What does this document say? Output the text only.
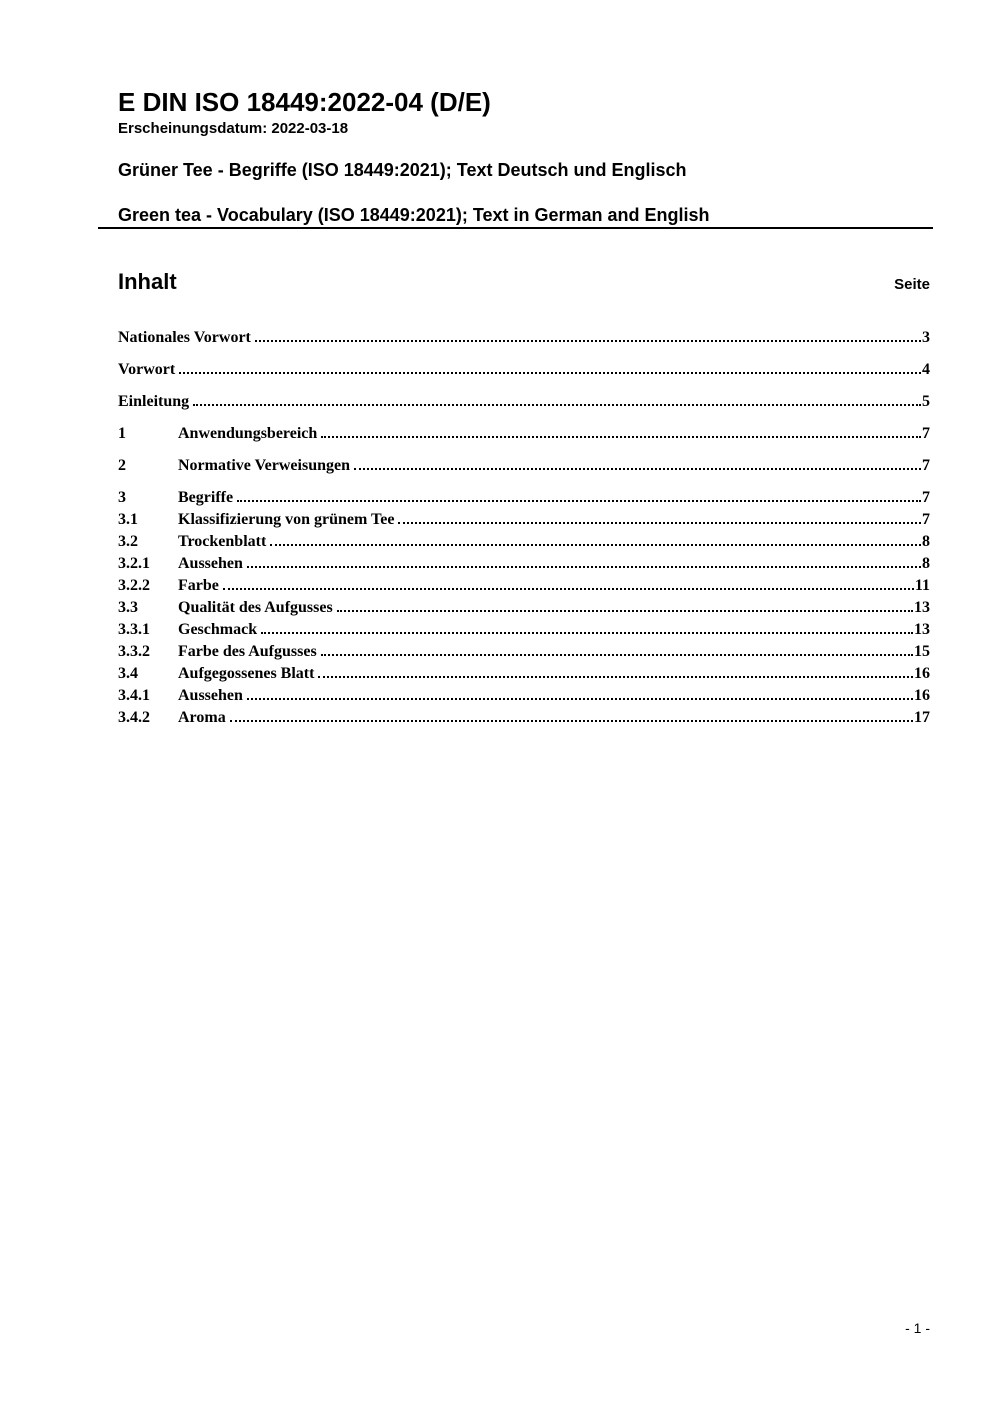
E DIN ISO 18449:2022-04 (D/E)
Erscheinungsdatum: 2022-03-18
Grüner Tee - Begriffe (ISO 18449:2021); Text Deutsch und Englisch
Green tea - Vocabulary (ISO 18449:2021); Text in German and English
Inhalt	Seite
Nationales Vorwort	3
Vorwort	4
Einleitung	5
1	Anwendungsbereich	7
2	Normative Verweisungen	7
3	Begriffe	7
3.1	Klassifizierung von grünem Tee	7
3.2	Trockenblatt	8
3.2.1	Aussehen	8
3.2.2	Farbe	11
3.3	Qualität des Aufgusses	13
3.3.1	Geschmack	13
3.3.2	Farbe des Aufgusses	15
3.4	Aufgegossenes Blatt	16
3.4.1	Aussehen	16
3.4.2	Aroma	17
- 1 -
